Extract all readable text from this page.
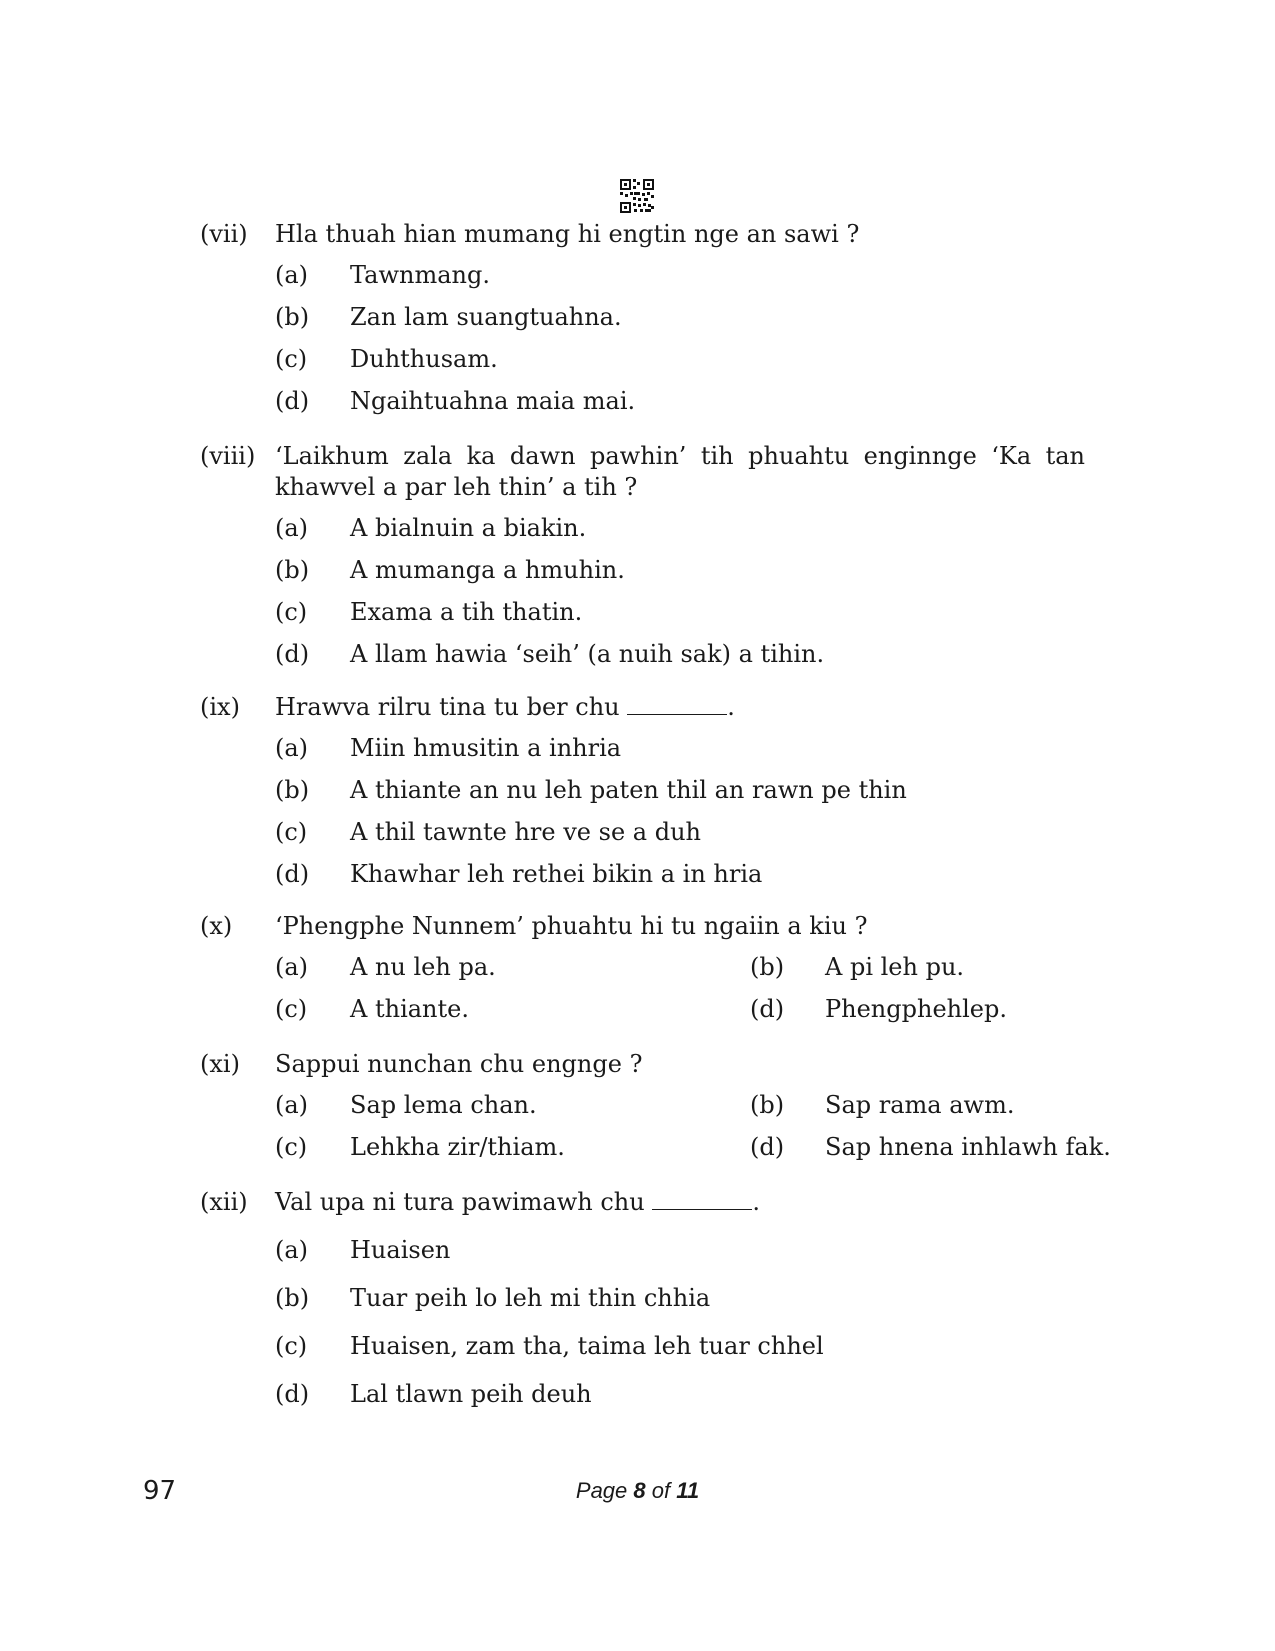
(vii)	Hla thuah hian mumang hi engtin nge an sawi ?
(a) Tawnmang.
(b) Zan lam suangtuahna.
(c) Duhthusam.
(d) Ngaihtuahna maia mai.
(viii) ‘Laikhum zala ka dawn pawhin’ tih phuahtu enginnge ‘Ka tan khawvel a par leh thin’ a tih ?
(a) A bialnuin a biakin.
(b) A mumanga a hmuhin.
(c) Exama a tih thatin.
(d) A llam hawia ‘seih’ (a nuih sak) a tihin.
(ix)	Hrawva rilru tina tu ber chu	.
(a) Miin hmusitin a inhria
(b) A thiante an nu leh paten thil an rawn pe thin
(c) A thil tawnte hre ve se a duh
(d) Khawhar leh rethei bikin a in hria
(x)	‘Phengphe Nunnem’ phuahtu hi tu ngaiin a kiu ?
(a) A nu leh pa.	(b) A pi leh pu.
(c) A thiante.	(d) Phengphehlep.
(xi)	Sappui nunchan chu engnge ?
(a) Sap lema chan.	(b) Sap rama awm.
(c) Lehkha zir/thiam.	(d) Sap hnena inhlawh fak.
(xii)	Val upa ni tura pawimawh chu	.
(a) Huaisen
(b) Tuar peih lo leh mi thin chhia
(c) Huaisen, zam tha, taima leh tuar chhel
(d) Lal tlawn peih deuh
97	Page 8 of 11
